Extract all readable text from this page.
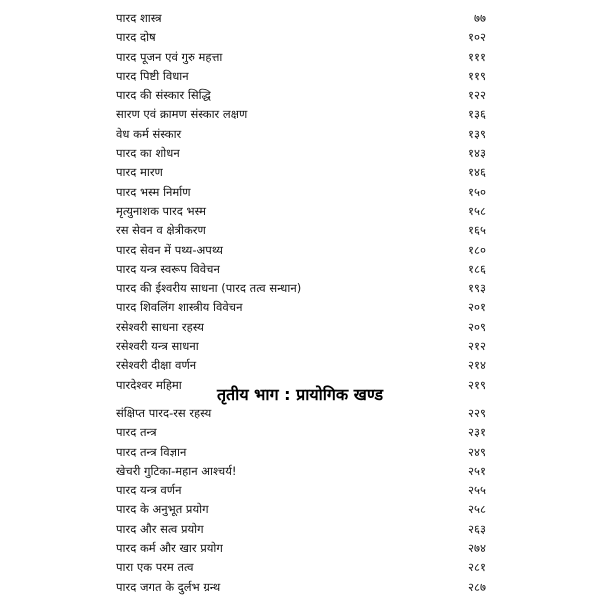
पारद शास्त्र	७७
पारद दोष	१०२
पारद पूजन एवं गुरु महत्ता	१११
पारद पिष्टी विधान	११९
पारद की संस्कार सिद्धि	१२२
सारण एवं क्रामण संस्कार लक्षण	१३६
वेध कर्म संस्कार	१३९
पारद का शोधन	१४३
पारद मारण	१४६
पारद भस्म निर्माण	१५०
मृत्युनाशक पारद भस्म	१५८
रस सेवन व क्षेत्रीकरण	१६५
पारद सेवन में पथ्य-अपथ्य	१८०
पारद यन्त्र स्वरूप विवेचन	१८६
पारद की ईश्वरीय साधना (पारद तत्व सन्धान)	१९३
पारद शिवलिंग शास्त्रीय विवेचन	२०१
रसेश्वरी साधना रहस्य	२०९
रसेश्वरी यन्त्र साधना	२१२
रसेश्वरी दीक्षा वर्णन	२१४
पारदेश्वर महिमा	२१९
तृतीय भाग : प्रायोगिक खण्ड
संक्षिप्त पारद-रस रहस्य	२२९
पारद तन्त्र	२३१
पारद तन्त्र विज्ञान	२४९
खेचरी गुटिका-महान आश्चर्य!	२५१
पारद यन्त्र वर्णन	२५५
पारद के अनुभूत प्रयोग	२५८
पारद और सत्व प्रयोग	२६३
पारद कर्म और खार प्रयोग	२७४
पारा एक परम तत्व	२८१
पारद जगत के दुर्लभ ग्रन्थ	२८७
